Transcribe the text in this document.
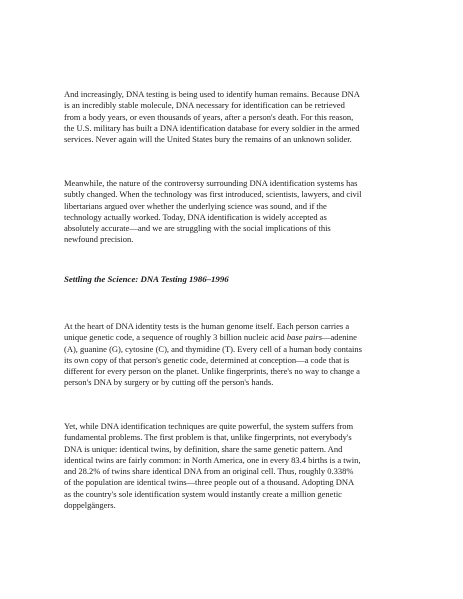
And increasingly, DNA testing is being used to identify human remains. Because DNA
is an incredibly stable molecule, DNA necessary for identification can be retrieved
from a body years, or even thousands of years, after a person's death. For this reason,
the U.S. military has built a DNA identification database for every soldier in the armed
services. Never again will the United States bury the remains of an unknown solider.

Meanwhile, the nature of the controversy surrounding DNA identification systems has
subtly changed. When the technology was first introduced, scientists, lawyers, and civil
libertarians argued over whether the underlying science was sound, and if the
technology actually worked. Today, DNA identification is widely accepted as
absolutely accurate—and we are struggling with the social implications of this
newfound precision.

Settling the Science: DNA Testing 1986–1996

At the heart of DNA identity tests is the human genome itself. Each person carries a
unique genetic code, a sequence of roughly 3 billion nucleic acid base pairs—adenine
(A), guanine (G), cytosine (C), and thymidine (T). Every cell of a human body contains
its own copy of that person's genetic code, determined at conception—a code that is
different for every person on the planet. Unlike fingerprints, there's no way to change a
person's DNA by surgery or by cutting off the person's hands.

Yet, while DNA identification techniques are quite powerful, the system suffers from
fundamental problems. The first problem is that, unlike fingerprints, not everybody's
DNA is unique: identical twins, by definition, share the same genetic pattern. And
identical twins are fairly common: in North America, one in every 83.4 births is a twin,
and 28.2% of twins share identical DNA from an original cell. Thus, roughly 0.338%
of the population are identical twins—three people out of a thousand. Adopting DNA
as the country's sole identification system would instantly create a million genetic
doppelgängers.
